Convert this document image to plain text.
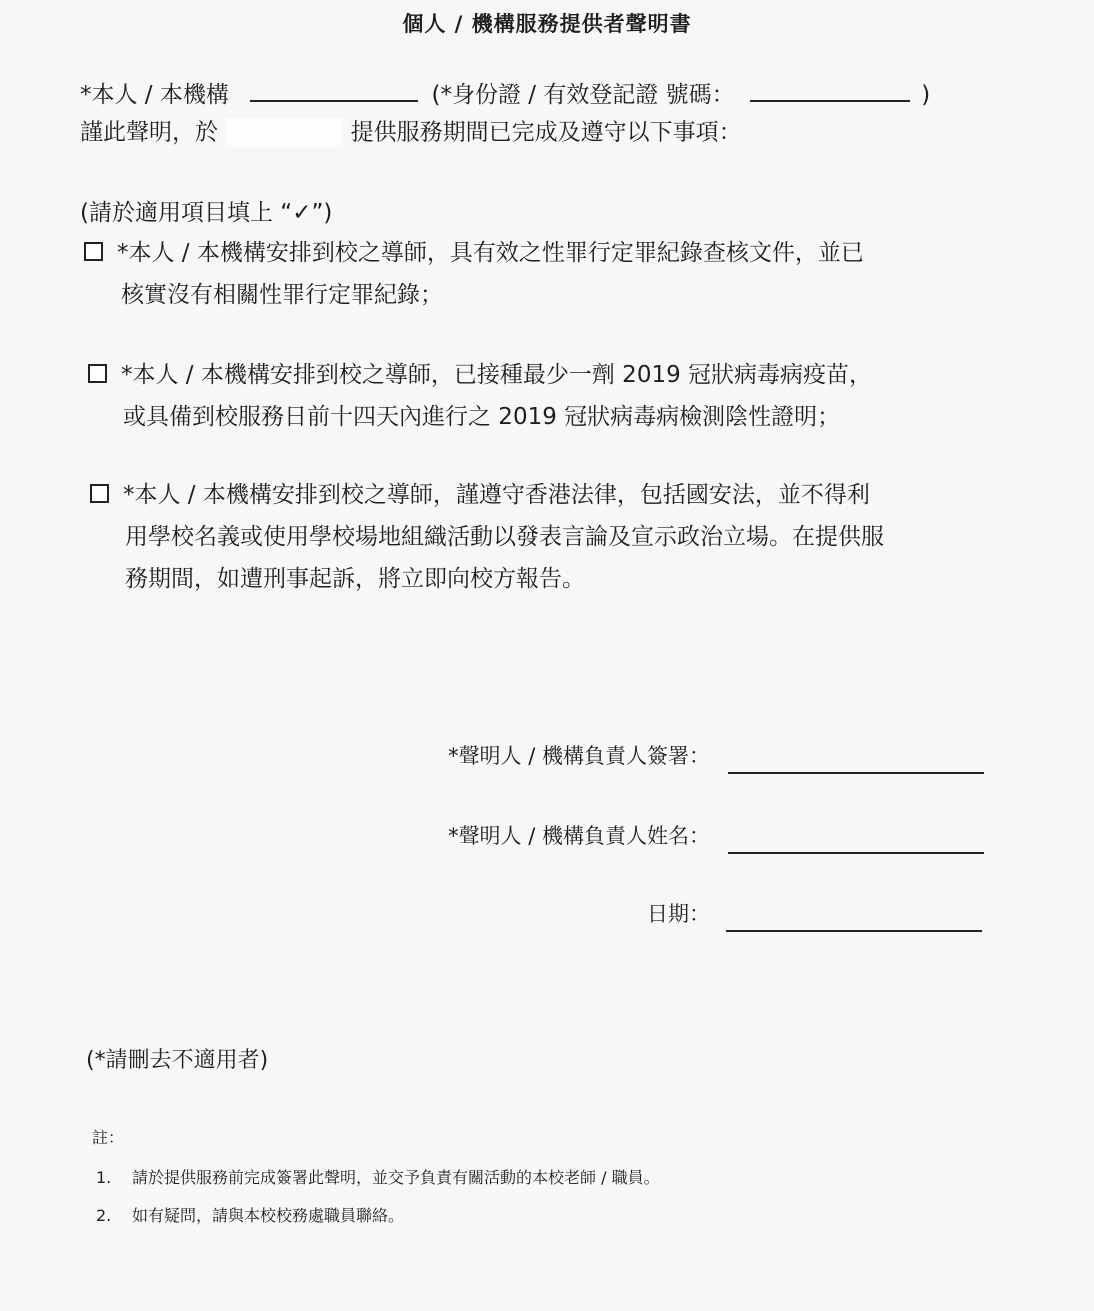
個人 / 機構服務提供者聲明書
*本人 / 本機構	(*身份證 / 有效登記證 號碼：	)
謹此聲明，於	提供服務期間已完成及遵守以下事項：
(請於適用項目填上 “✓”)
*本人 / 本機構安排到校之導師，具有效之性罪行定罪紀錄查核文件，並已
核實沒有相關性罪行定罪紀錄；
*本人 / 本機構安排到校之導師，已接種最少一劑 2019 冠狀病毒病疫苗，
或具備到校服務日前十四天內進行之 2019 冠狀病毒病檢測陰性證明；
*本人 / 本機構安排到校之導師，謹遵守香港法律，包括國安法，並不得利
用學校名義或使用學校場地組織活動以發表言論及宣示政治立場。在提供服
務期間，如遭刑事起訴，將立即向校方報告。
*聲明人 / 機構負責人簽署：
*聲明人 / 機構負責人姓名：
日期：
(*請刪去不適用者)
註：
1. 請於提供服務前完成簽署此聲明，並交予負責有關活動的本校老師 / 職員。
2. 如有疑問，請與本校校務處職員聯絡。
